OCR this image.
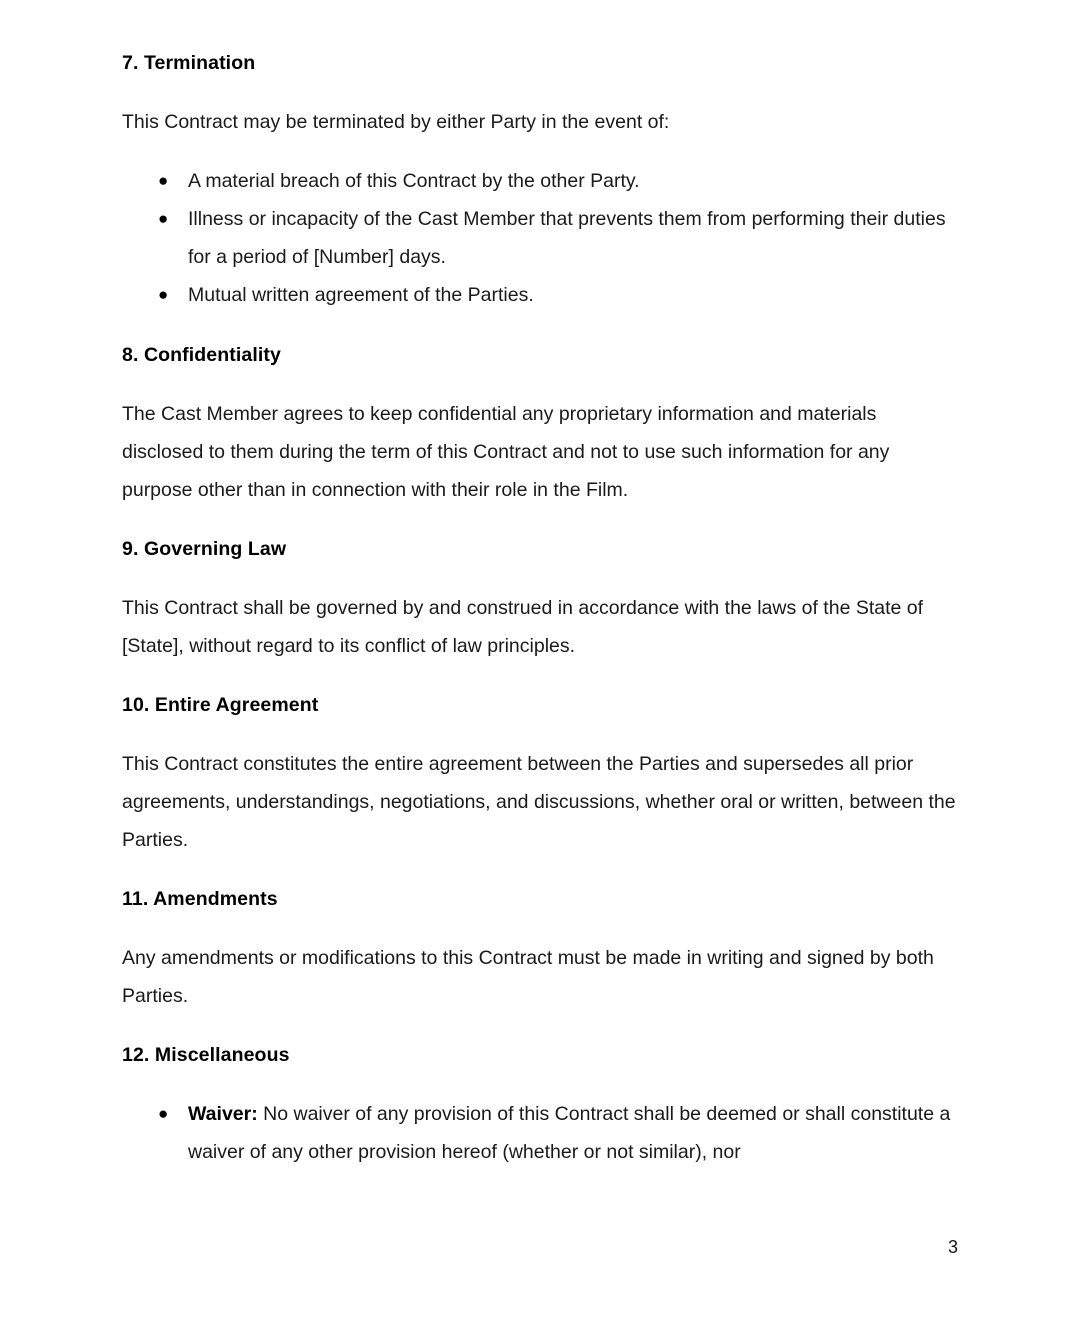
7. Termination

This Contract may be terminated by either Party in the event of:

● A material breach of this Contract by the other Party.
● Illness or incapacity of the Cast Member that prevents them from performing their duties for a period of [Number] days.
● Mutual written agreement of the Parties.
8. Confidentiality

The Cast Member agrees to keep confidential any proprietary information and materials disclosed to them during the term of this Contract and not to use such information for any purpose other than in connection with their role in the Film.

9. Governing Law

This Contract shall be governed by and construed in accordance with the laws of the State of [State], without regard to its conflict of law principles.

10. Entire Agreement

This Contract constitutes the entire agreement between the Parties and supersedes all prior agreements, understandings, negotiations, and discussions, whether oral or written, between the Parties.

11. Amendments

Any amendments or modifications to this Contract must be made in writing and signed by both Parties.

12. Miscellaneous
● Waiver: No waiver of any provision of this Contract shall be deemed or shall constitute a waiver of any other provision hereof (whether or not similar), nor
3
